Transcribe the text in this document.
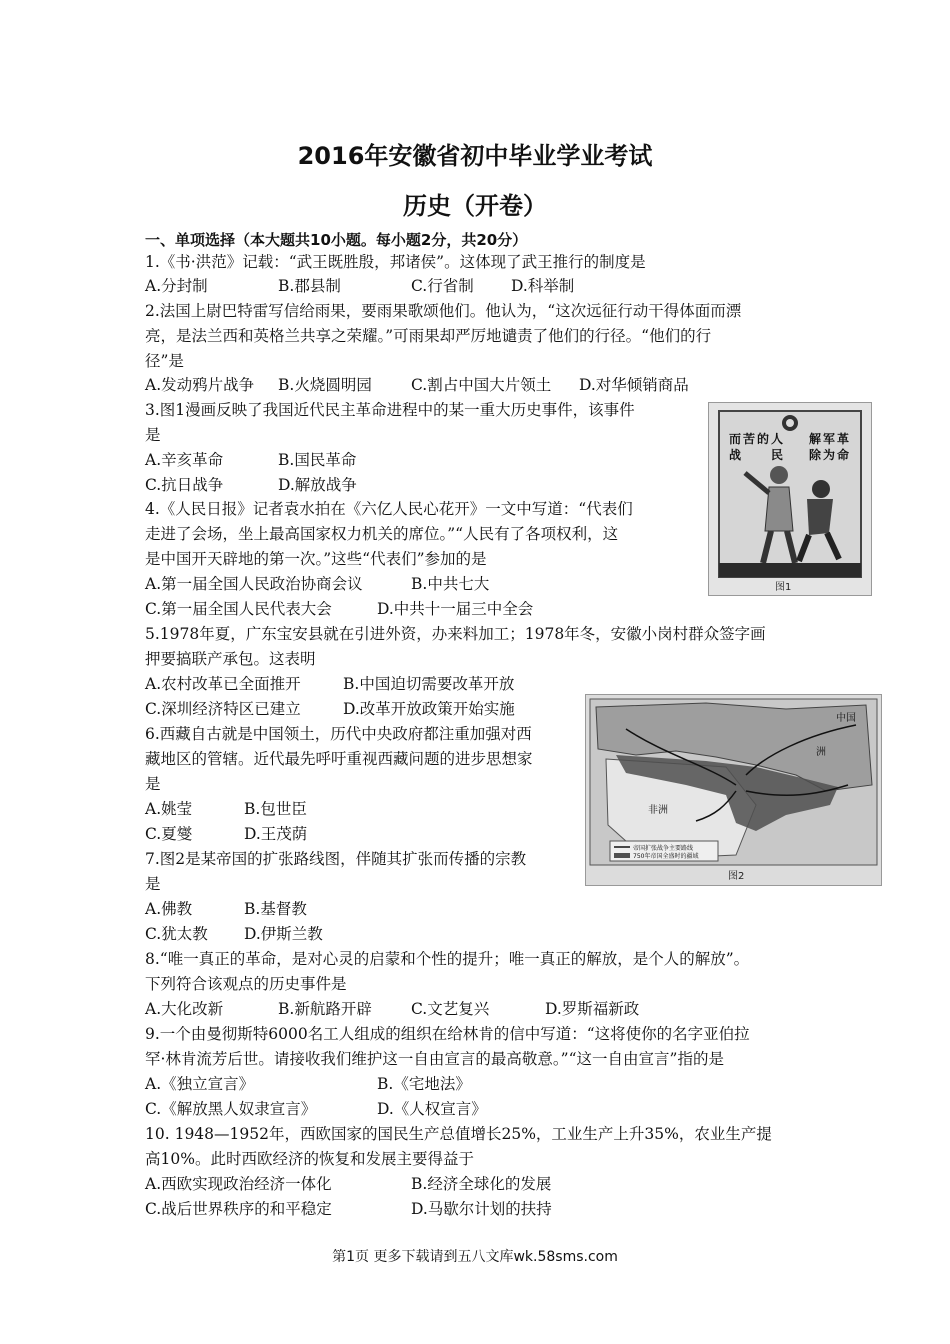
2016年安徽省初中毕业学业考试
历史（开卷）
一、单项选择（本大题共10小题。每小题2分，共20分）
1.《书·洪范》记载：“武王既胜殷，邦诸侯”。这体现了武王推行的制度是
A.分封制	B.郡县制	C.行省制 D.科举制
2.法国上尉巴特雷写信给雨果，要雨果歌颂他们。他认为，“这次远征行动干得体面而漂
亮，是法兰西和英格兰共享之荣耀。”可雨果却严厉地谴责了他们的行径。“他们的行
径”是
A.发动鸦片战争 B.火烧圆明园	C.割占中国大片领土 D.对华倾销商品
3.图1漫画反映了我国近代民主革命进程中的某一重大历史事件，该事件
是
A.辛亥革命	B.国民革命
C.抗日战争	D.解放战争
4.《人民日报》记者袁水拍在《六亿人民心花开》一文中写道：“代表们
走进了会场，坐上最高国家权力机关的席位。”“人民有了各项权利，这
是中国开天辟地的第一次。”这些“代表们”参加的是
A.第一届全国人民政治协商会议	B.中共七大
C.第一届全国人民代表大会	D.中共十一届三中全会
5.1978年夏，广东宝安县就在引进外资，办来料加工；1978年冬，安徽小岗村群众签字画
押要搞联产承包。这表明
A.农村改革已全面推开	B.中国迫切需要改革开放
C.深圳经济特区已建立	D.改革开放政策开始实施
6.西藏自古就是中国领土，历代中央政府都注重加强对西
藏地区的管辖。近代最先呼吁重视西藏问题的进步思想家
是
A.姚莹	B.包世臣
C.夏燮	D.王茂荫
7.图2是某帝国的扩张路线图，伴随其扩张而传播的宗教
是
A.佛教	B.基督教
C.犹太教 D.伊斯兰教
8.“唯一真正的革命，是对心灵的启蒙和个性的提升；唯一真正的解放，是个人的解放”。
下列符合该观点的历史事件是
A.大化改新	B.新航路开辟	C.文艺复兴	D.罗斯福新政
9.一个由曼彻斯特6000名工人组成的组织在给林肯的信中写道：“这将使你的名字亚伯拉
罕·林肯流芳后世。请接收我们维护这一自由宣言的最高敬意。”“这一自由宣言”指的是
A.《独立宣言》	B.《宅地法》
C.《解放黑人奴隶宣言》	D.《人权宣言》
10. 1948—1952年，西欧国家的国民生产总值增长25%，工业生产上升35%，农业生产提
高10%。此时西欧经济的恢复和发展主要得益于
A.西欧实现政治经济一体化	B.经济全球化的发展
C.战后世界秩序的和平稳定	D.马歇尔计划的扶持
而 苦 的 人 解 军 革
战 民 除 为 命
图1
中国
非洲
洲
帝国扩张战争主要路线
750年帝国全盛时的疆域
图2
第1页 更多下载请到五八文库wk.58sms.com
